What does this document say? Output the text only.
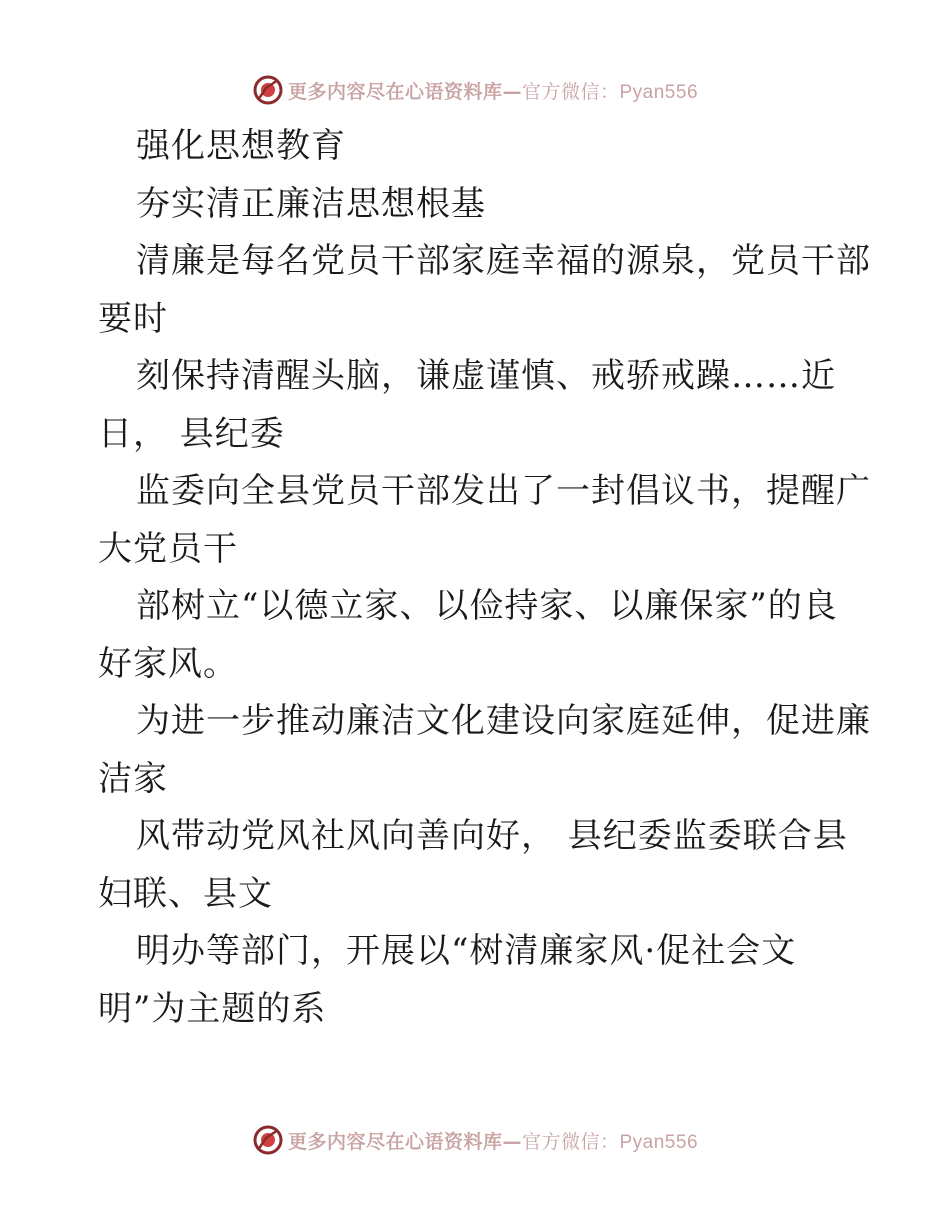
更多内容尽在心语资料库—官方微信：Pyan556
强化思想教育
夯实清正廉洁思想根基
清廉是每名党员干部家庭幸福的源泉，党员干部
要时
刻保持清醒头脑，谦虚谨慎、戒骄戒躁……近
日， 县纪委
监委向全县党员干部发出了一封倡议书，提醒广
大党员干
部树立“以德立家、以俭持家、以廉保家”的良
好家风。
为进一步推动廉洁文化建设向家庭延伸，促进廉
洁家
风带动党风社风向善向好， 县纪委监委联合县
妇联、县文
明办等部门，开展以“树清廉家风·促社会文
明”为主题的系
更多内容尽在心语资料库—官方微信：Pyan556
